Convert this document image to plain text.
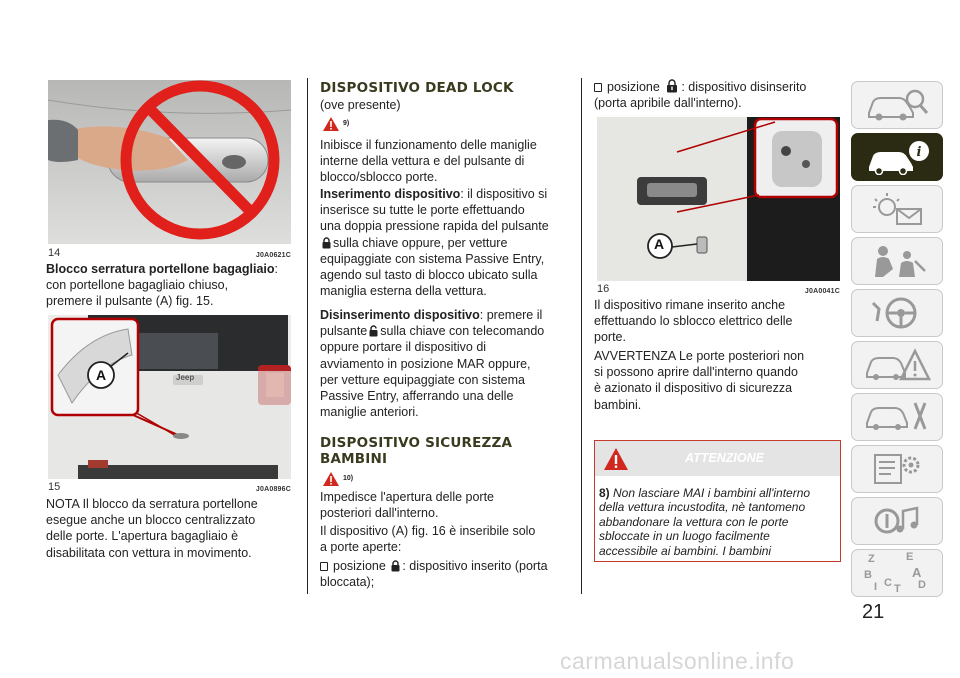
14	J0A0621C
Blocco serratura portellone bagagliaio:
con portellone bagagliaio chiuso,
premere il pulsante (A) fig. 15.
A	Jeep
15	J0A0896C
NOTA Il blocco da serratura portellone
esegue anche un blocco centralizzato
delle porte. L'apertura bagagliaio è
disabilitata con vettura in movimento.
DISPOSITIVO DEAD LOCK
(ove presente)
9)
Inibisce il funzionamento delle maniglie
interne della vettura e del pulsante di
blocco/sblocco porte.
Inserimento dispositivo: il dispositivo si
inserisce su tutte le porte effettuando
una doppia pressione rapida del pulsante
sulla chiave oppure, per vetture
equipaggiate con sistema Passive Entry,
agendo sul tasto di blocco ubicato sulla
maniglia esterna della vettura.
Disinserimento dispositivo: premere il
pulsante sulla chiave con telecomando
oppure portare il dispositivo di
avviamento in posizione MAR oppure,
per vetture equipaggiate con sistema
Passive Entry, afferrando una delle
maniglie anteriori.
DISPOSITIVO SICUREZZA
BAMBINI
10)
Impedisce l'apertura delle porte
posteriori dall'interno.
Il dispositivo (A) fig. 16 è inseribile solo
a porte aperte:
posizione : dispositivo inserito (porta
bloccata);
posizione : dispositivo disinserito
(porta apribile dall'interno).
A
16	J0A0041C
Il dispositivo rimane inserito anche
effettuando lo sblocco elettrico delle
porte.
AVVERTENZA Le porte posteriori non
si possono aprire dall'interno quando
è azionato il dispositivo di sicurezza
bambini.
ATTENZIONE
8) Non lasciare MAI i bambini all'interno
della vettura incustodita, nè tantomeno
abbandonare la vettura con le porte
sbloccate in un luogo facilmente
accessibile ai bambini. I bambini
i
Z	E
B	A
I C D
T
21
carmanualsonline.info
